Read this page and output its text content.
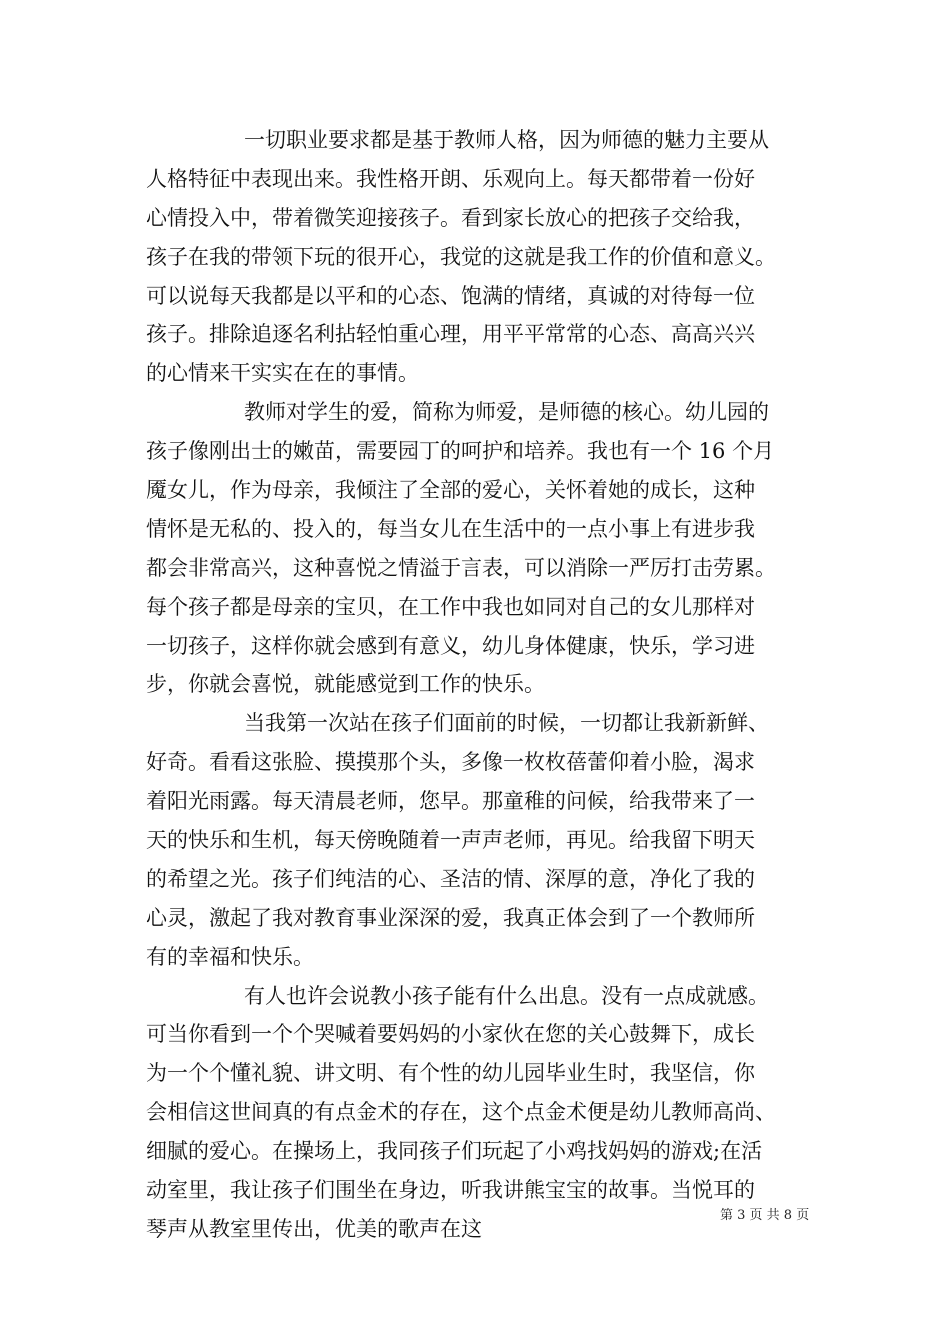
一切职业要求都是基于教师人格，因为师德的魅力主要从
人格特征中表现出来。我性格开朗、乐观向上。每天都带着一份好
心情投入中，带着微笑迎接孩子。看到家长放心的把孩子交给我，
孩子在我的带领下玩的很开心，我觉的这就是我工作的价值和意义。
可以说每天我都是以平和的心态、饱满的情绪，真诚的对待每一位
孩子。排除追逐名利拈轻怕重心理，用平平常常的心态、高高兴兴
的心情来干实实在在的事情。
教师对学生的爱，简称为师爱，是师德的核心。幼儿园的
孩子像刚出士的嫩苗，需要园丁的呵护和培养。我也有一个 16 个月
魇女儿，作为母亲，我倾注了全部的爱心，关怀着她的成长，这种
情怀是无私的、投入的，每当女儿在生活中的一点小事上有进步我
都会非常高兴，这种喜悦之情溢于言表，可以消除一严厉打击劳累。
每个孩子都是母亲的宝贝，在工作中我也如同对自己的女儿那样对
一切孩子，这样你就会感到有意义，幼儿身体健康，快乐，学习进
步，你就会喜悦，就能感觉到工作的快乐。
当我第一次站在孩子们面前的时候，一切都让我新新鲜、
好奇。看看这张脸、摸摸那个头，多像一枚枚蓓蕾仰着小脸，渴求
着阳光雨露。每天清晨老师，您早。那童稚的问候，给我带来了一
天的快乐和生机，每天傍晚随着一声声老师，再见。给我留下明天
的希望之光。孩子们纯洁的心、圣洁的情、深厚的意，净化了我的
心灵，激起了我对教育事业深深的爱，我真正体会到了一个教师所
有的幸福和快乐。
有人也许会说教小孩子能有什么出息。没有一点成就感。
可当你看到一个个哭喊着要妈妈的小家伙在您的关心鼓舞下，成长
为一个个懂礼貌、讲文明、有个性的幼儿园毕业生时，我坚信，你
会相信这世间真的有点金术的存在，这个点金术便是幼儿教师高尚、
细腻的爱心。在操场上，我同孩子们玩起了小鸡找妈妈的游戏;在活
动室里，我让孩子们围坐在身边，听我讲熊宝宝的故事。当悦耳的
琴声从教室里传出，优美的歌声在这
第 3 页 共 8 页
